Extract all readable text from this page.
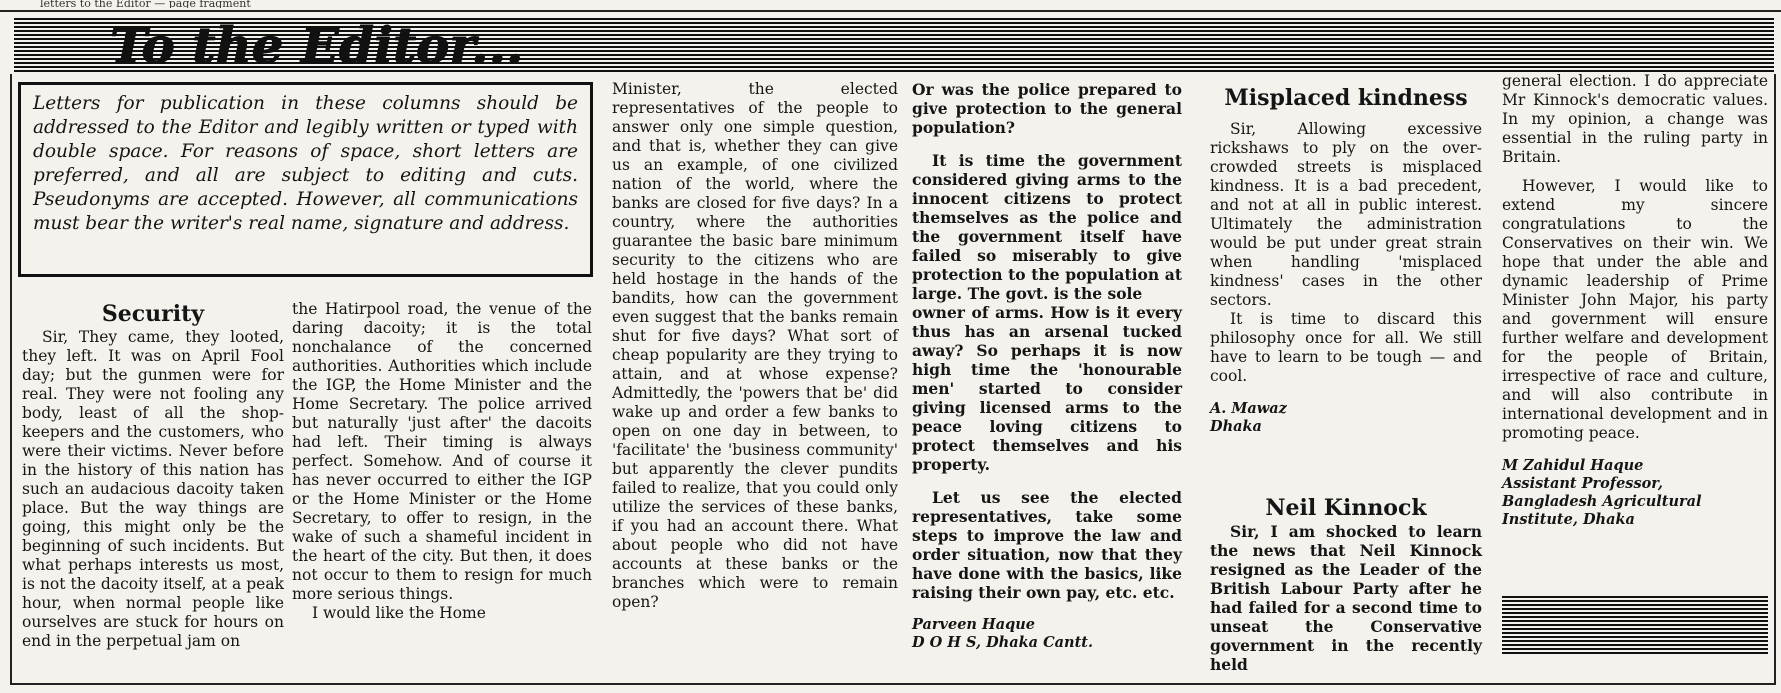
letters to the Editor — page fragment
To the Editor...
Letters for publication in these columns should be addressed to the Editor and legibly written or typed with double space. For reasons of space, short letters are preferred, and all are subject to editing and cuts. Pseudonyms are accepted. However, all communications must bear the writer's real name, signature and address.

Security

Sir, They came, they looted, they left. It was on April Fool day; but the gunmen were for real. They were not fooling any body, least of all the shop-keepers and the customers, who were their victims. Never before in the history of this nation has such an audacious dacoity taken place. But the way things are going, this might only be the beginning of such incidents. But what perhaps interests us most, is not the dacoity itself, at a peak hour, when normal people like ourselves are stuck for hours on end in the perpetual jam on

the Hatirpool road, the venue of the daring dacoity; it is the total nonchalance of the concerned authorities. Authorities which include the IGP, the Home Minister and the Home Secretary. The police arrived but naturally 'just after' the dacoits had left. Their timing is always perfect. Somehow. And of course it has never occurred to either the IGP or the Home Minister or the Home Secretary, to offer to resign, in the wake of such a shameful incident in the heart of the city. But then, it does not occur to them to resign for much more serious things.

I would like the Home

Minister, the elected representatives of the people to answer only one simple question, and that is, whether they can give us an example, of one civilized nation of the world, where the banks are closed for five days? In a country, where the authorities guarantee the basic bare minimum security to the citizens who are held hostage in the hands of the bandits, how can the government even suggest that the banks remain shut for five days? What sort of cheap popularity are they trying to attain, and at whose expense? Admittedly, the 'powers that be' did wake up and order a few banks to open on one day in between, to 'facilitate' the 'business community' but apparently the clever pundits failed to realize, that you could only utilize the services of these banks, if you had an account there. What about people who did not have accounts at these banks or the branches which were to remain open?

Or was the police prepared to give protection to the general population?

It is time the government considered giving arms to the innocent citizens to protect themselves as the police and the government itself have failed so miserably to give protection to the population at large. The govt. is the sole

owner of arms. How is it every thus has an arsenal tucked away? So perhaps it is now high time the 'honourable men' started to consider giving licensed arms to the peace loving citizens to protect themselves and his property.

Let us see the elected representatives, take some steps to improve the law and order situation, now that they have done with the basics, like raising their own pay, etc. etc.

Parveen Haque

D O H S, Dhaka Cantt.

Misplaced kindness

Sir, Allowing excessive rickshaws to ply on the over-crowded streets is misplaced kindness. It is a bad precedent, and not at all in public interest. Ultimately the administration would be put under great strain when handling 'misplaced kindness' cases in the other sectors.

It is time to discard this philosophy once for all. We still have to learn to be tough — and cool.

A. Mawaz

Dhaka

Neil Kinnock

Sir, I am shocked to learn the news that Neil Kinnock resigned as the Leader of the British Labour Party after he had failed for a second time to unseat the Conservative government in the recently held

general election. I do appreciate Mr Kinnock's democratic values. In my opinion, a change was essential in the ruling party in Britain.

However, I would like to extend my sincere congratulations to the Conservatives on their win. We hope that under the able and dynamic leadership of Prime Minister John Major, his party and government will ensure further welfare and development for the people of Britain, irrespective of race and culture, and will also contribute in international development and in promoting peace.

M Zahidul Haque

Assistant Professor,

Bangladesh Agricultural Institute, Dhaka
